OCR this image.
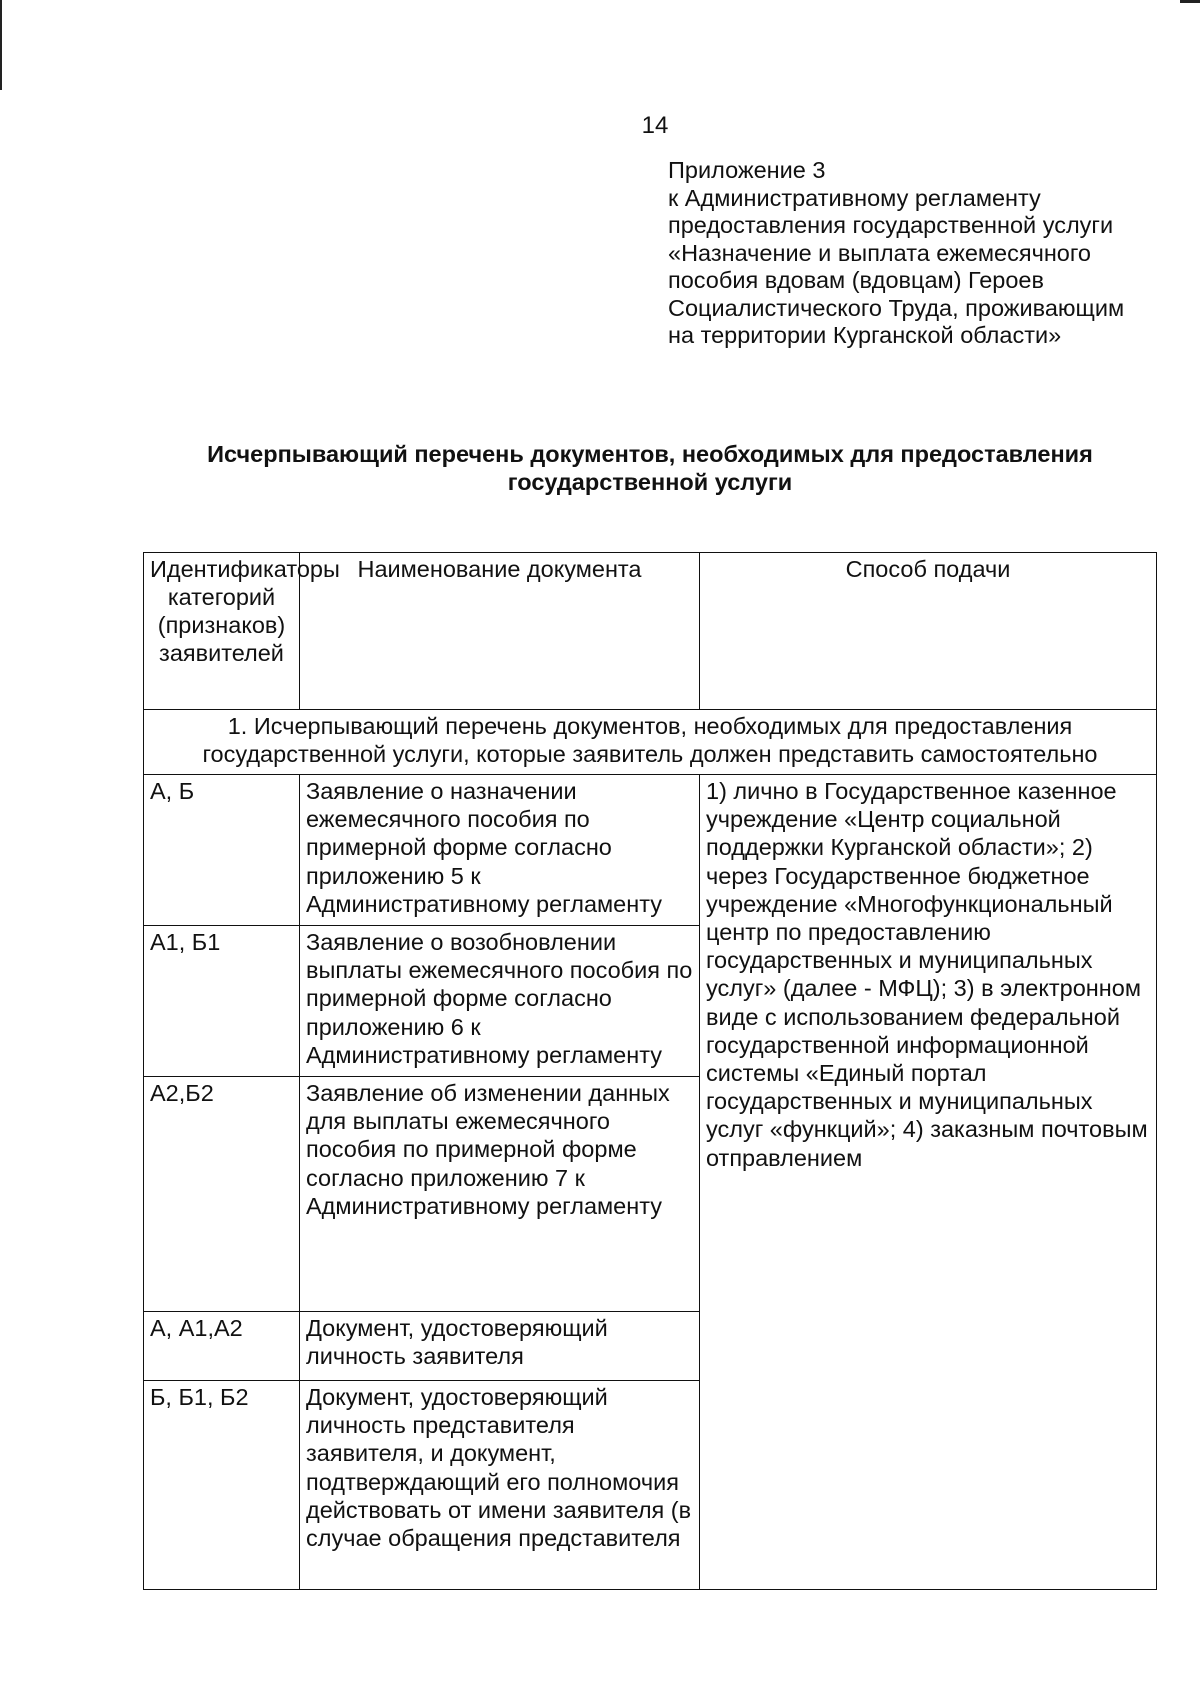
14
Приложение 3
к Административному регламенту
предоставления государственной услуги
«Назначение и выплата ежемесячного
пособия вдовам (вдовцам) Героев
Социалистического Труда, проживающим
на территории Курганской области»
Исчерпывающий перечень документов, необходимых для предоставления
государственной услуги
Идентификаторы категорий (признаков) заявителей	Наименование документа	Способ подачи

1. Исчерпывающий перечень документов, необходимых для предоставления
государственной услуги, которые заявитель должен представить самостоятельно		

А, Б	Заявление о назначении ежемесячного пособия по примерной форме согласно приложению 5 к Административному регламенту	1) лично в Государственное казенное учреждение «Центр социальной поддержки Курганской области»; 2) через Государственное бюджетное учреждение «Многофункциональный центр по предоставлению государственных и муниципальных услуг» (далее - МФЦ); 3) в электронном виде с использованием федеральной государственной информационной системы «Единый портал государственных и муниципальных услуг «функций»; 4) заказным почтовым отправлением
А1, Б1	Заявление о возобновлении выплаты ежемесячного пособия по примерной форме согласно приложению 6 к Административному регламенту	
А2,Б2	Заявление об изменении данных для выплаты ежемесячного пособия по примерной форме согласно приложению 7 к Административному регламенту	
А, А1,А2	Документ, удостоверяющий личность заявителя	
Б, Б1, Б2	Документ, удостоверяющий личность представителя заявителя, и документ, подтверждающий его полномочия действовать от имени заявителя (в случае обращения представителя	
